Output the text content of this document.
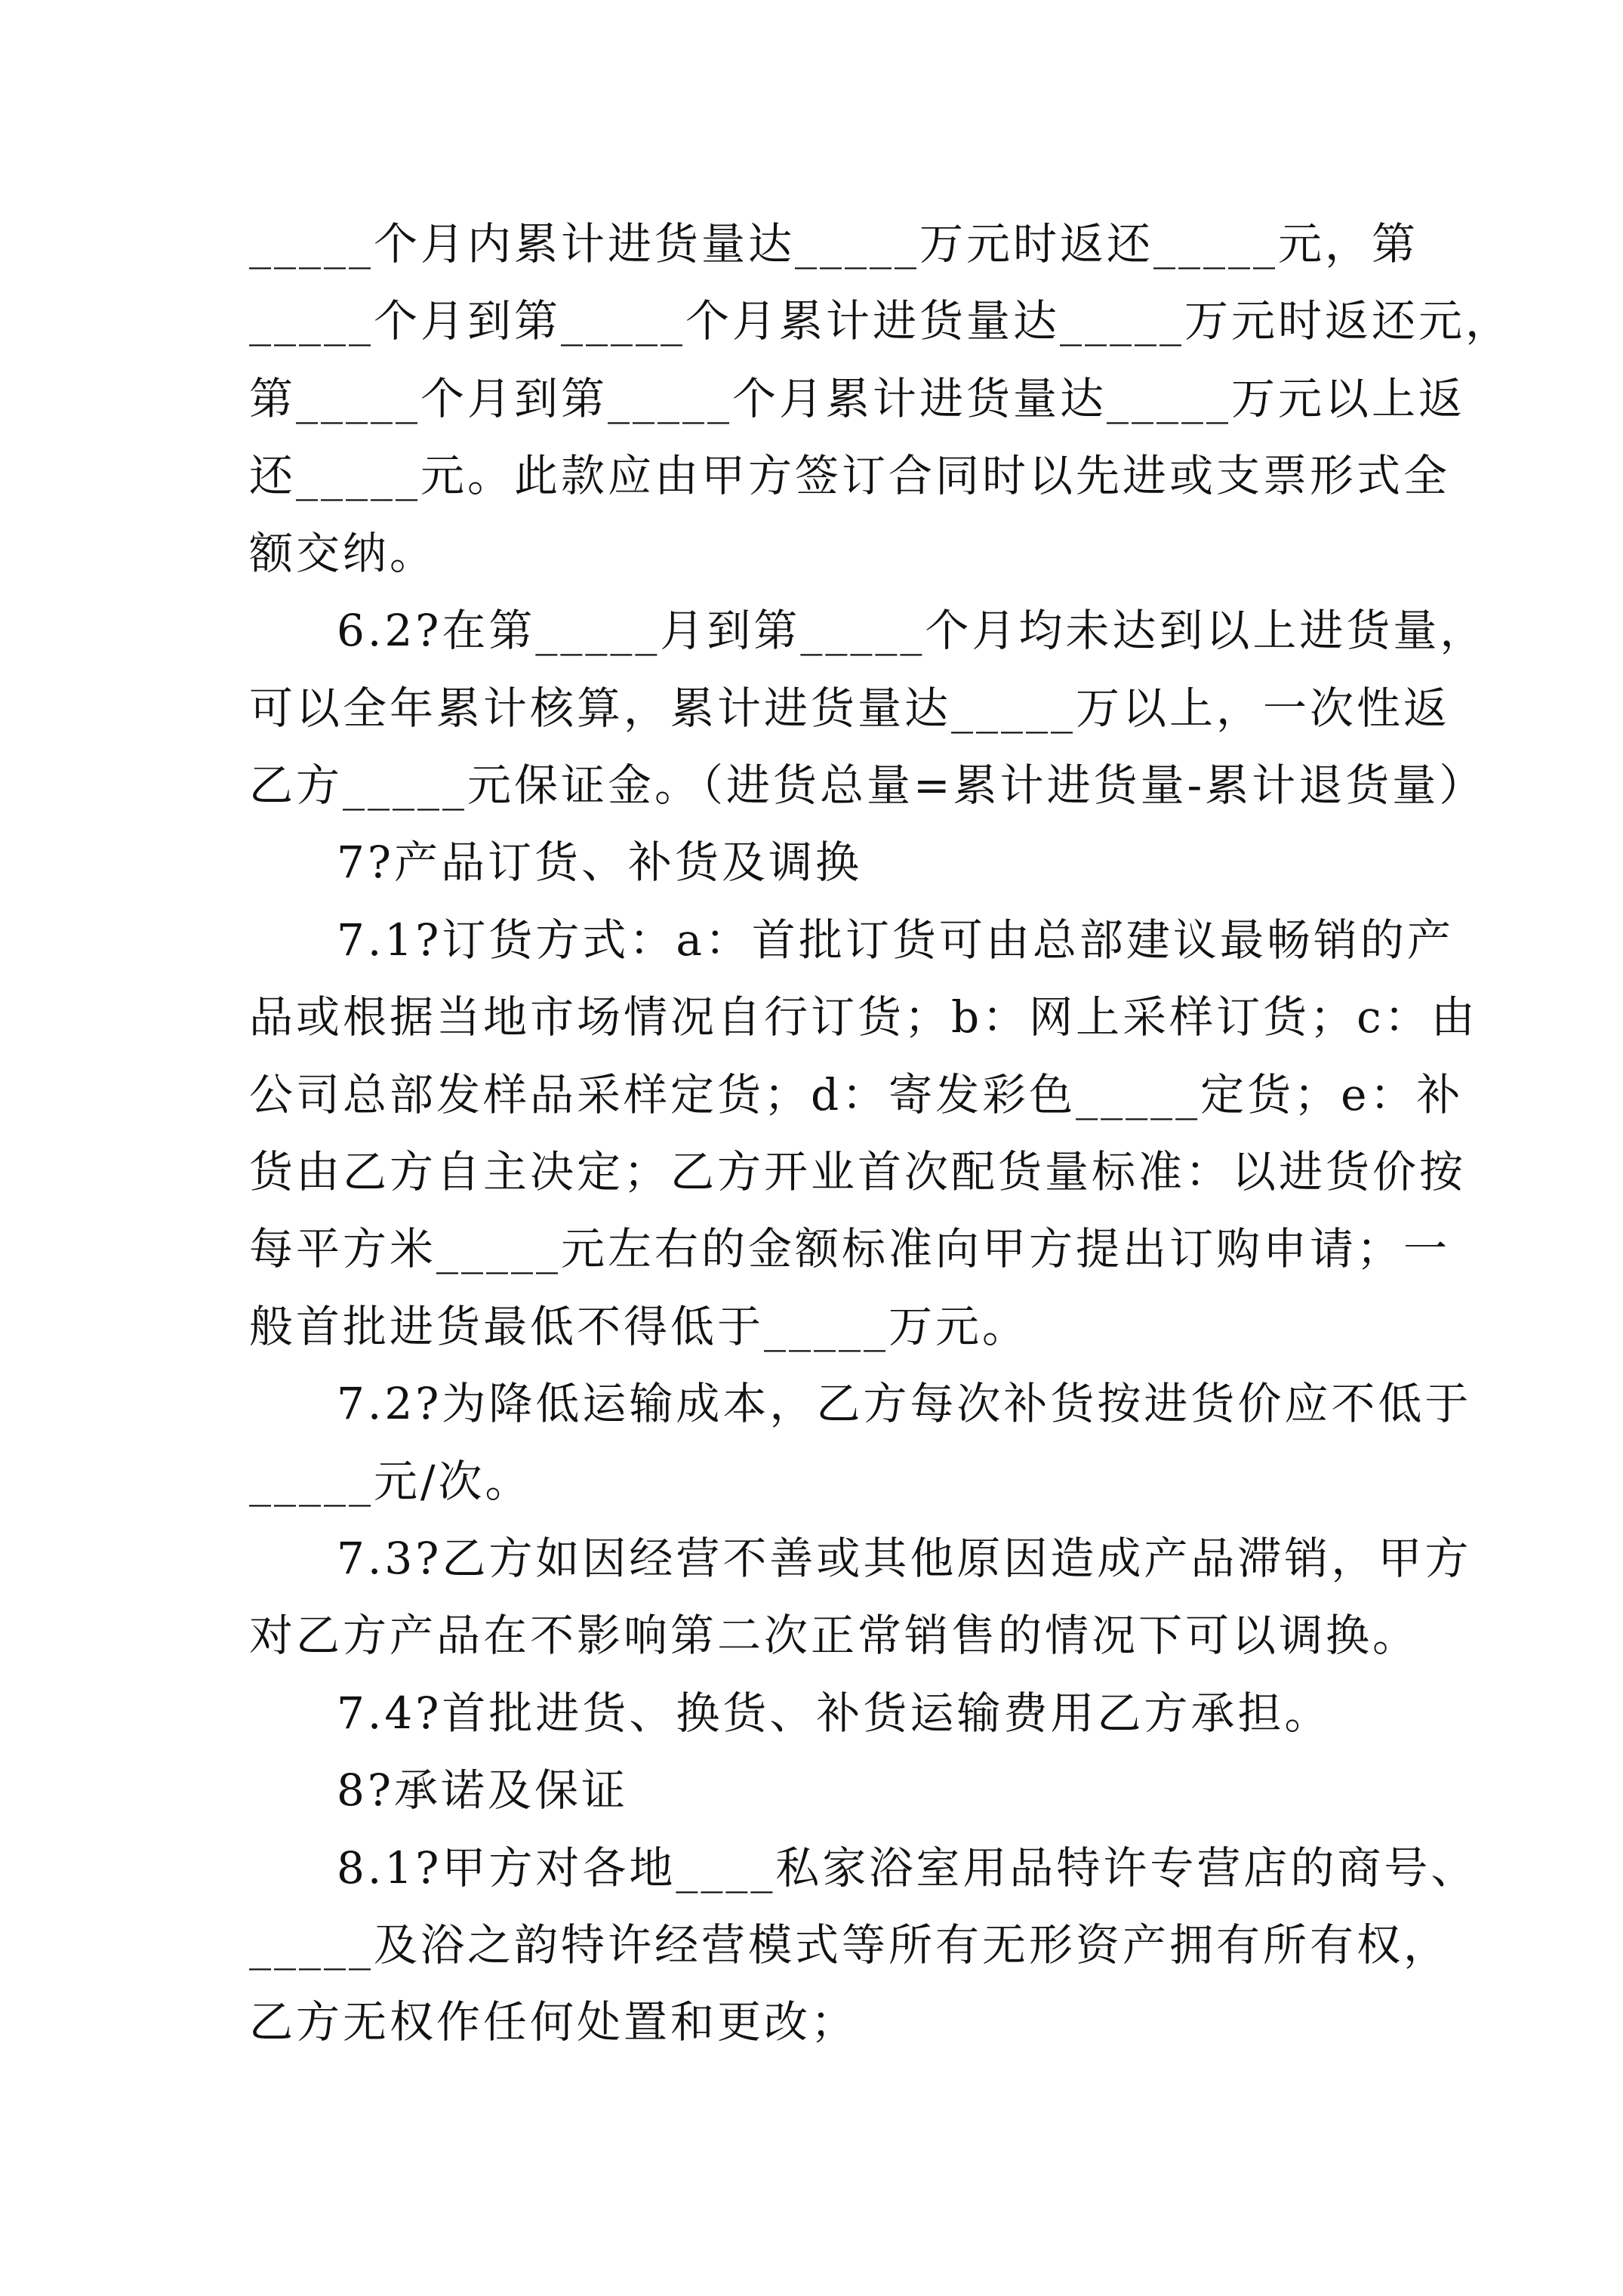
_____个月内累计进货量达_____万元时返还_____元，第
_____个月到第_____个月累计进货量达_____万元时返还元，
第_____个月到第_____个月累计进货量达_____万元以上返
还_____元。此款应由甲方签订合同时以先进或支票形式全
额交纳。
6.2?在第_____月到第_____个月均未达到以上进货量，
可以全年累计核算，累计进货量达_____万以上，一次性返
乙方_____元保证金。（进货总量=累计进货量-累计退货量）
7?产品订货、补货及调换
7.1?订货方式：a：首批订货可由总部建议最畅销的产
品或根据当地市场情况自行订货；b：网上采样订货；c：由
公司总部发样品采样定货；d：寄发彩色_____定货；e：补
货由乙方自主决定；乙方开业首次配货量标准：以进货价按
每平方米_____元左右的金额标准向甲方提出订购申请；一
般首批进货最低不得低于_____万元。
7.2?为降低运输成本，乙方每次补货按进货价应不低于
_____元/次。
7.3?乙方如因经营不善或其他原因造成产品滞销，甲方
对乙方产品在不影响第二次正常销售的情况下可以调换。
7.4?首批进货、换货、补货运输费用乙方承担。
8?承诺及保证
8.1?甲方对各地____私家浴室用品特许专营店的商号、
_____及浴之韵特许经营模式等所有无形资产拥有所有权，
乙方无权作任何处置和更改；
